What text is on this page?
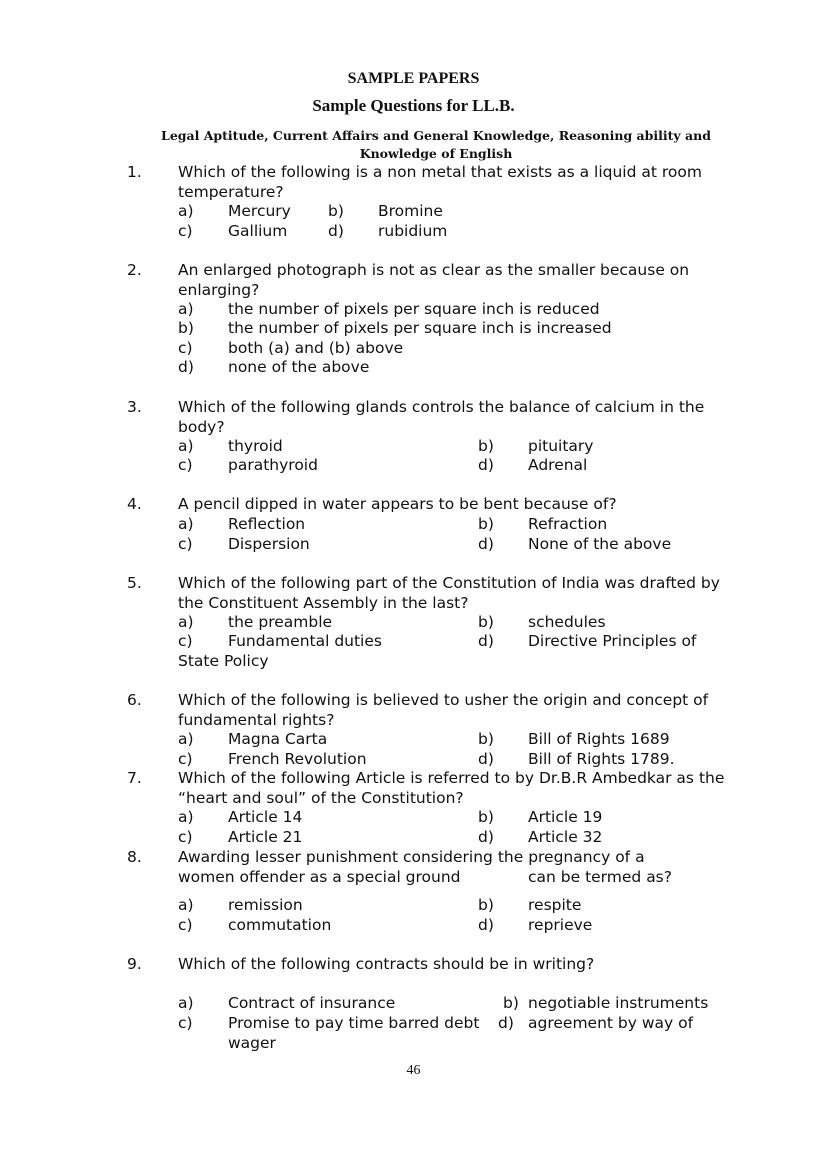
SAMPLE PAPERS
Sample Questions for LL.B.
Legal Aptitude, Current Affairs and General Knowledge, Reasoning ability and Knowledge of English
1. Which of the following is a non metal that exists as a liquid at room temperature?
a) Mercury b) Bromine
c) Gallium	d) rubidium
2. An enlarged photograph is not as clear as the smaller because on enlarging?
a) the number of pixels per square inch is reduced
b) the number of pixels per square inch is increased
c) both (a) and (b) above
d) none of the above
3. Which of the following glands controls the balance of calcium in the body?
a) thyroid	b) pituitary
c) parathyroid	d) Adrenal
4. A pencil dipped in water appears to be bent because of?
a) Reflection	b) Refraction
c) Dispersion	d) None of the above
5. Which of the following part of the Constitution of India was drafted by the Constituent Assembly in the last?
a) the preamble	b) schedules
c) Fundamental duties	d) Directive Principles of
State Policy
6. Which of the following is believed to usher the origin and concept of fundamental rights?
a) Magna Carta	b) Bill of Rights 1689
c) French Revolution	d) Bill of Rights 1789.
7. Which of the following Article is referred to by Dr.B.R Ambedkar as the “heart and soul” of the Constitution?
a) Article 14	b) Article 19
c) Article 21	d) Article 32
8. Awarding lesser punishment considering the pregnancy of a
women offender as a special ground	can be termed as?
a) remission	b) respite
c) commutation	d) reprieve
9. Which of the following contracts should be in writing?
a) Contract of insurance	b) negotiable instruments
c) Promise to pay time barred debt d) agreement by way of
wager
46
